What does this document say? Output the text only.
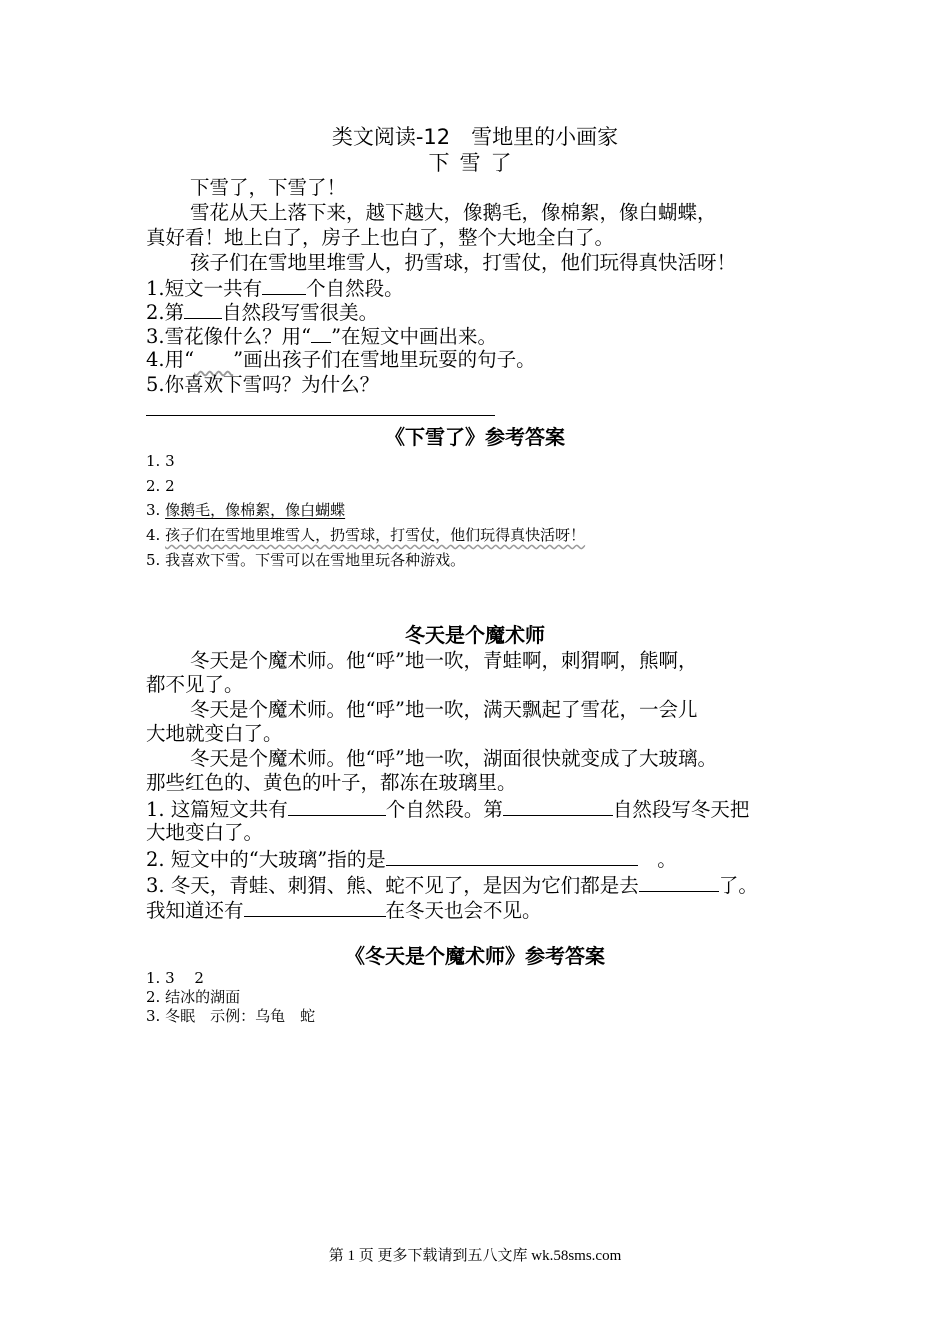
类文阅读-12　雪地里的小画家
下雪了
下雪了，下雪了！
雪花从天上落下来，越下越大，像鹅毛，像棉絮，像白蝴蝶，
真好看！地上白了，房子上也白了，整个大地全白了。
孩子们在雪地里堆雪人，扔雪球，打雪仗，他们玩得真快活呀！
1.短文一共有 个自然段。
2.第 自然段写雪很美。
3.雪花像什么？用“ ”在短文中画出来。
4.用“　　 ”画出孩子们在雪地里玩耍的句子。
5.你喜欢下雪吗？为什么？
《下雪了》参考答案
1. 3
2. 2
3. 像鹅毛，像棉絮，像白蝴蝶
4. 孩子们在雪地里堆雪人，扔雪球，打雪仗，他们玩得真快活呀！
5. 我喜欢下雪。下雪可以在雪地里玩各种游戏。
冬天是个魔术师
冬天是个魔术师。他“呼”地一吹，青蛙啊，刺猬啊，熊啊，
都不见了。
冬天是个魔术师。他“呼”地一吹，满天飘起了雪花，一会儿
大地就变白了。
冬天是个魔术师。他“呼”地一吹，湖面很快就变成了大玻璃。
那些红色的、黄色的叶子，都冻在玻璃里。
1. 这篇短文共有	个自然段。第	自然段写冬天把
大地变白了。
2. 短文中的“大玻璃”指的是	　。
3. 冬天，青蛙、刺猬、熊、蛇不见了，是因为它们都是去	了。
我知道还有	在冬天也会不见。
《冬天是个魔术师》参考答案
1. 3　 2
2. 结冰的湖面
3. 冬眠　示例：乌龟　蛇
第 1 页 更多下载请到五八文库 wk.58sms.com
